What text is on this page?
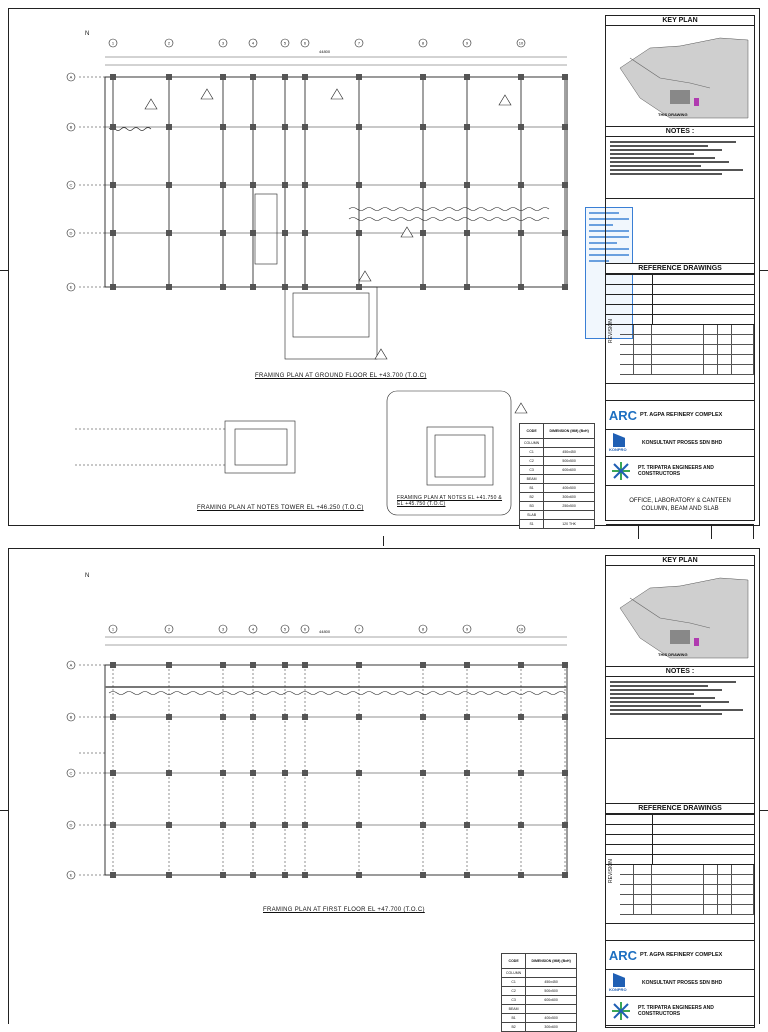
1	2	3	4	5	6	7	8	9	10
A
B
C
D
E
FRAMING PLAN AT GROUND FLOOR EL +43.700 (T.O.C)
FRAMING PLAN AT NOTES TOWER EL +46.250 (T.O.C)
FRAMING PLAN AT NOTES EL +41.750 & EL +45.750 (T.O.C)
N
44800
CODE	DIMENSION (MM) (BxH)
COLUMN	
C1	450x450
C2	500x500
C3	600x600
BEAM	
B1	400x500
B2	300x600
B3	250x500
SLAB	
S1	120 THK
KEY PLAN
THIS DRAWING
NOTES :
REFERENCE DRAWINGS
REVISION
ARC PT. AGPA REFINERY COMPLEX
KONPRO
KONSULTANT PROSES SDN BHD
PT. TRIPATRA ENGINEERS AND CONSTRUCTORS
OFFICE, LABORATORY & CANTEEN
COLUMN, BEAM AND SLAB
1	2	3	4	5	6	7	8	9	10
A
B
C
D
E
FRAMING PLAN AT FIRST FLOOR EL +47.700 (T.O.C)
N
44800
CODE	DIMENSION (MM) (BxH)
COLUMN	
C1	450x450
C2	500x500
C3	600x600
BEAM	
B1	400x500
B2	300x600
KEY PLAN
THIS DRAWING
NOTES :
REFERENCE DRAWINGS
REVISION
ARC PT. AGPA REFINERY COMPLEX
KONPRO
KONSULTANT PROSES SDN BHD
PT. TRIPATRA ENGINEERS AND CONSTRUCTORS
